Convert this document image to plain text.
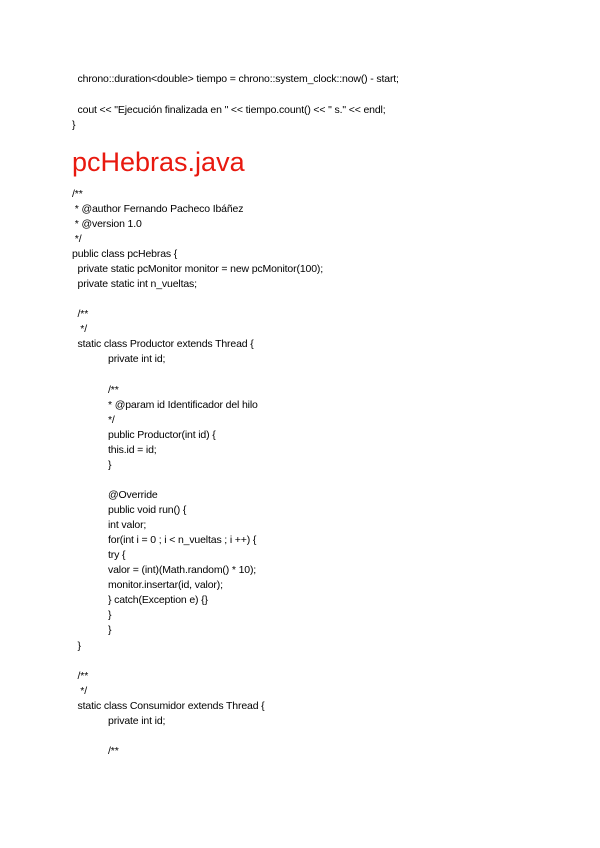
chrono::duration<double> tiempo = chrono::system_clock::now() - start;
cout << "Ejecución finalizada en " << tiempo.count() << " s." << endl;
}
pcHebras.java
/**
* @author Fernando Pacheco Ibáñez
* @version 1.0
*/
public class pcHebras {
private static pcMonitor monitor = new pcMonitor(100);
private static int n_vueltas;
/**
*/
static class Productor extends Thread {
private int id;
/**
* @param id Identificador del hilo
*/
public Productor(int id) {
this.id = id;
}
@Override
public void run() {
int valor;
for(int i = 0 ; i < n_vueltas ; i ++) {
try {
valor = (int)(Math.random() * 10);
monitor.insertar(id, valor);
} catch(Exception e) {}
}
}
}
/**
*/
static class Consumidor extends Thread {
private int id;
/**
